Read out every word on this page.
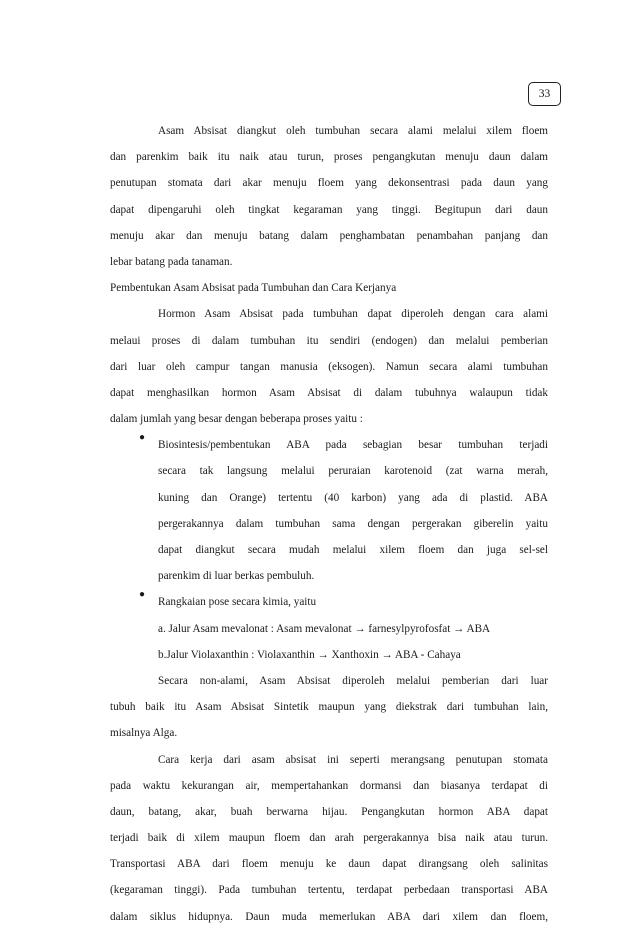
33
Asam Absisat diangkut oleh tumbuhan secara alami melalui xilem floem
dan parenkim baik itu naik atau turun, proses pengangkutan menuju daun dalam
penutupan stomata dari akar menuju floem yang dekonsentrasi pada daun yang
dapat dipengaruhi oleh tingkat kegaraman yang tinggi. Begitupun dari daun
menuju akar dan menuju batang dalam penghambatan penambahan panjang dan
lebar batang pada tanaman.
Pembentukan Asam Absisat pada Tumbuhan dan Cara Kerjanya
Hormon Asam Absisat pada tumbuhan dapat diperoleh dengan cara alami
melaui proses di dalam tumbuhan itu sendiri (endogen) dan melalui pemberian
dari luar oleh campur tangan manusia (eksogen). Namun secara alami tumbuhan
dapat menghasilkan hormon Asam Absisat di dalam tubuhnya walaupun tidak
dalam jumlah yang besar dengan beberapa proses yaitu :
●
Biosintesis/pembentukan ABA pada sebagian besar tumbuhan terjadi
secara tak langsung melalui peruraian karotenoid (zat warna merah,
kuning dan Orange) tertentu (40 karbon) yang ada di plastid. ABA
pergerakannya dalam tumbuhan sama dengan pergerakan giberelin yaitu
dapat diangkut secara mudah melalui xilem floem dan juga sel-sel
parenkim di luar berkas pembuluh.
●
Rangkaian pose secara kimia, yaitu
a. Jalur Asam mevalonat : Asam mevalonat → farnesylpyrofosfat → ABA
b.Jalur Violaxanthin : Violaxanthin → Xanthoxin → ABA - Cahaya
Secara non-alami, Asam Absisat diperoleh melalui pemberian dari luar
tubuh baik itu Asam Absisat Sintetik maupun yang diekstrak dari tumbuhan lain,
misalnya Alga.
Cara kerja dari asam absisat ini seperti merangsang penutupan stomata
pada waktu kekurangan air, mempertahankan dormansi dan biasanya terdapat di
daun, batang, akar, buah berwarna hijau. Pengangkutan hormon ABA dapat
terjadi baik di xilem maupun floem dan arah pergerakannya bisa naik atau turun.
Transportasi ABA dari floem menuju ke daun dapat dirangsang oleh salinitas
(kegaraman tinggi). Pada tumbuhan tertentu, terdapat perbedaan transportasi ABA
dalam siklus hidupnya. Daun muda memerlukan ABA dari xilem dan floem,
